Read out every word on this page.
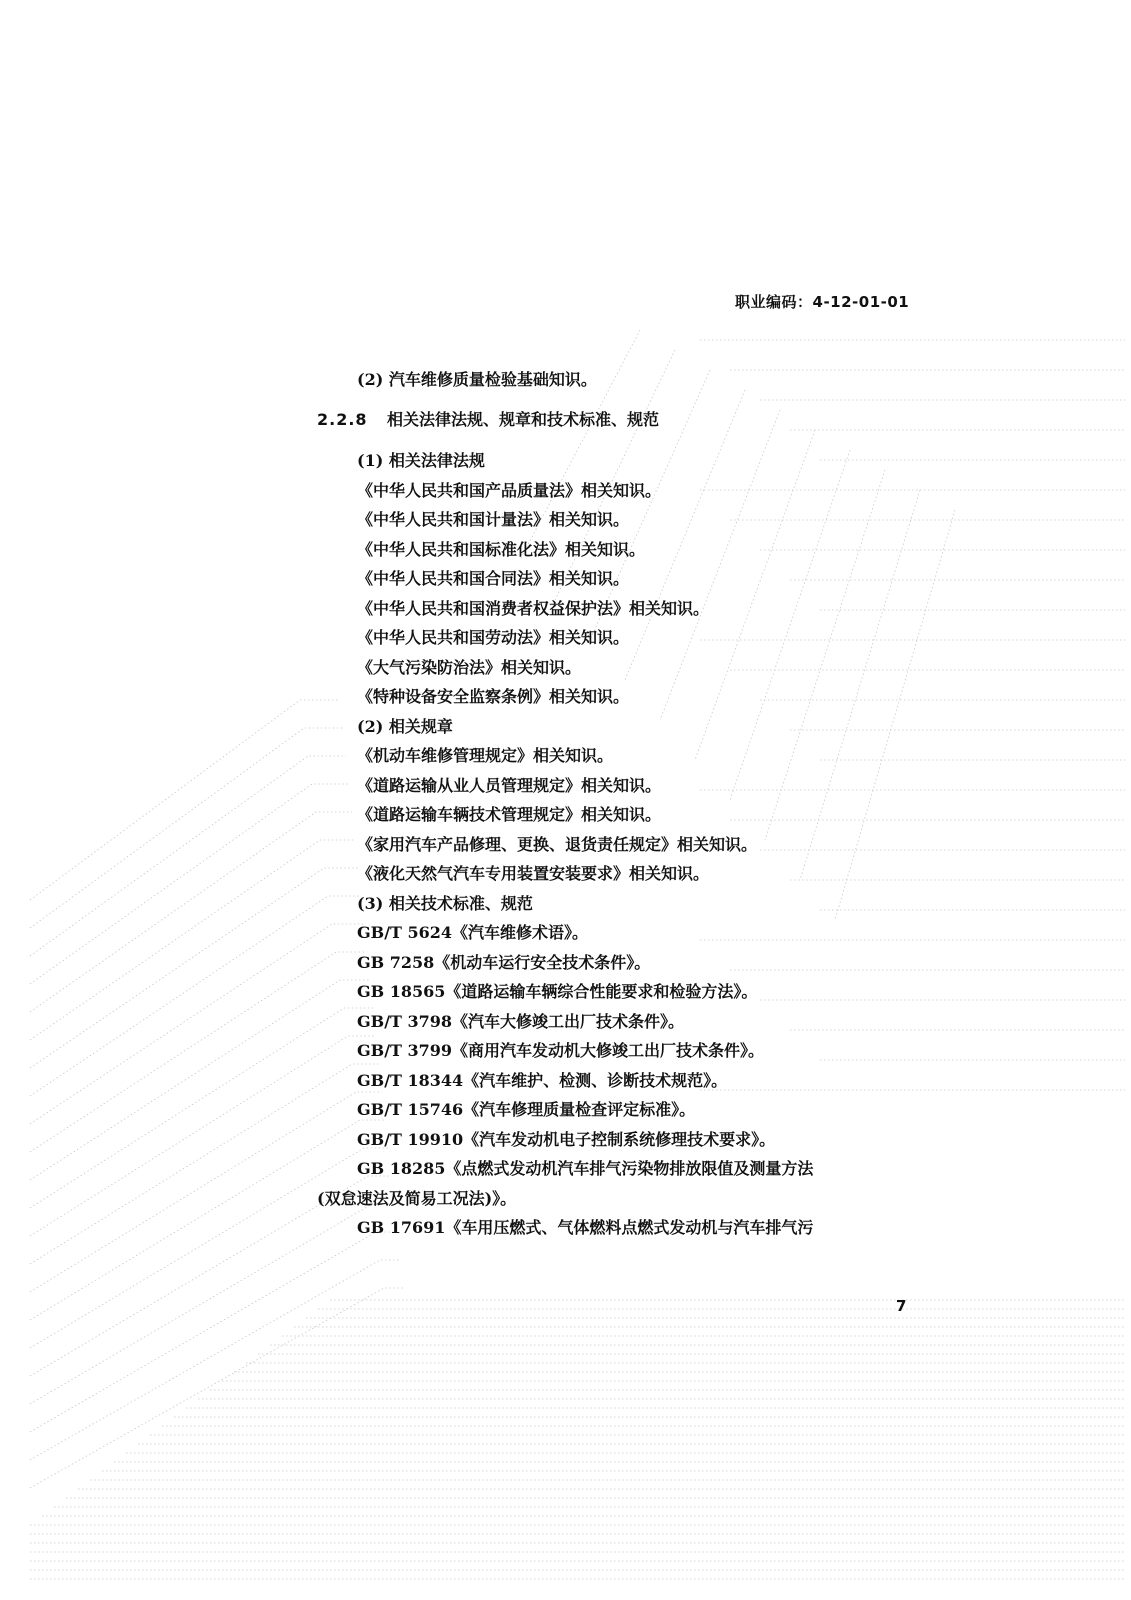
职业编码：4-12-01-01
(2) 汽车维修质量检验基础知识。
2.2.8 相关法律法规、规章和技术标准、规范
(1) 相关法律法规
《中华人民共和国产品质量法》相关知识。
《中华人民共和国计量法》相关知识。
《中华人民共和国标准化法》相关知识。
《中华人民共和国合同法》相关知识。
《中华人民共和国消费者权益保护法》相关知识。
《中华人民共和国劳动法》相关知识。
《大气污染防治法》相关知识。
《特种设备安全监察条例》相关知识。
(2) 相关规章
《机动车维修管理规定》相关知识。
《道路运输从业人员管理规定》相关知识。
《道路运输车辆技术管理规定》相关知识。
《家用汽车产品修理、更换、退货责任规定》相关知识。
《液化天然气汽车专用装置安装要求》相关知识。
(3) 相关技术标准、规范
GB/T 5624《汽车维修术语》。
GB 7258《机动车运行安全技术条件》。
GB 18565《道路运输车辆综合性能要求和检验方法》。
GB/T 3798《汽车大修竣工出厂技术条件》。
GB/T 3799《商用汽车发动机大修竣工出厂技术条件》。
GB/T 18344《汽车维护、检测、诊断技术规范》。
GB/T 15746《汽车修理质量检查评定标准》。
GB/T 19910《汽车发动机电子控制系统修理技术要求》。
GB 18285《点燃式发动机汽车排气污染物排放限值及测量方法
(双怠速法及简易工况法)》。
GB 17691《车用压燃式、气体燃料点燃式发动机与汽车排气污
7
